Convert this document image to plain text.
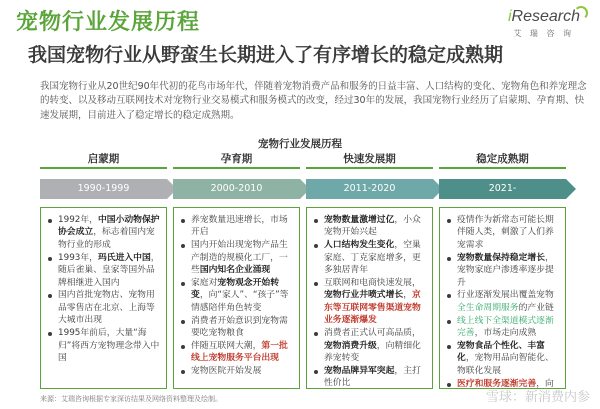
宠物行业发展历程	iResearch
艾 瑞 咨 询
我国宠物行业从野蛮生长期进入了有序增长的稳定成熟期
我国宠物行业从20世纪90年代初的花鸟市场年代，伴随着宠物消费产品和服务的日益丰富、人口结构的变化、宠物角色和养宠理念的转变、以及移动互联网技术对宠物行业交易模式和服务模式的改变，经过30年的发展，我国宠物行业经历了启蒙期、孕育期、快速发展期，目前进入了稳定增长的稳定成熟期。
宠物行业发展历程
启蒙期
1990-1999
1992年，中国小动物保护协会成立，标志着国内宠物行业的形成
1993年，玛氏进入中国，随后雀巢、皇家等国外品牌相继进入国内
国内首批宠物店、宠物用品零售店在北京、上海等大城市出现
1995年前后，大量“海归”将西方宠物理念带入中国
孕育期
2000-2010
养宠数量迅速增长，市场开启
国内开始出现宠物产品生产制造的规模化工厂，一些国内知名企业涌现
家庭对宠物观念开始转变，向“家人”、“孩子”等情感陪伴角色转变
消费者开始意识到宠物需要吃宠物粮食
伴随互联网大潮，第一批线上宠物服务平台出现
宠物医院开始发展
快速发展期
2011-2020
宠物数量激增过亿，小众宠物开始兴起
人口结构发生变化，空巢家庭、丁克家庭增多，更多独居青年
互联网和电商快速发展，宠物行业井喷式增长，京东等互联网零售渠道宠物业务逐渐爆发
消费者正式认可高品质，宠物消费升级，向精细化养宠转变
宠物品牌异军突起，主打性价比
稳定成熟期
2021-
疫情作为新常态可能长期伴随人类，刺激了人们养宠需求
宠物数量保持稳定增长，宠物家庭户渗透率逐步提升
行业逐渐发展出覆盖宠物全生命周期服务的产业链
线上线下全渠道模式逐渐完善，市场走向成熟
宠物食品个性化、丰富化，宠物用品向智能化、物联化发展
医疗和服务逐渐完善，向
来源：艾瑞咨询根据专家深访结果及网络资料整理及绘制。	雪球：新消费内参
